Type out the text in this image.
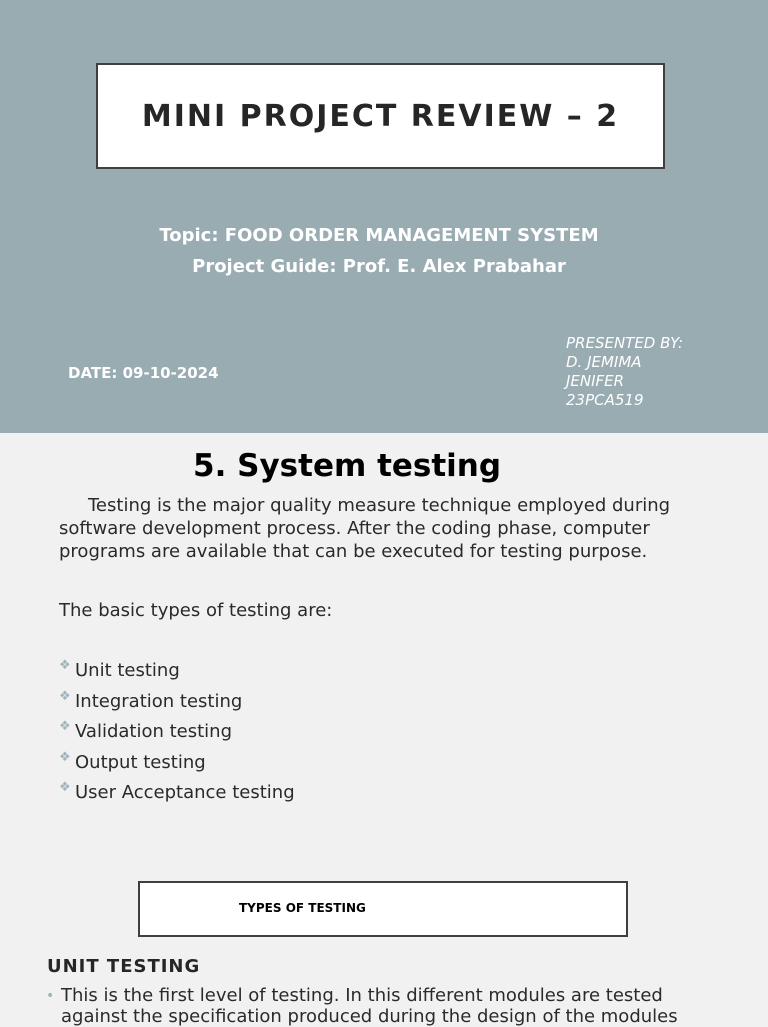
MINI PROJECT REVIEW – 2
Topic: FOOD ORDER MANAGEMENT SYSTEM
Project Guide: Prof. E. Alex Prabahar
DATE: 09-10-2024
PRESENTED BY:
D. JEMIMA
JENIFER
23PCA519
5. System testing
Testing is the major quality measure technique employed during software development process. After the coding phase, computer programs are available that can be executed for testing purpose.
The basic types of testing are:
❖ Unit testing
❖ Integration testing
❖ Validation testing
❖ Output testing
❖ User Acceptance testing
TYPES OF TESTING
UNIT TESTING
• This is the first level of testing. In this different modules are tested against the specification produced during the design of the modules
